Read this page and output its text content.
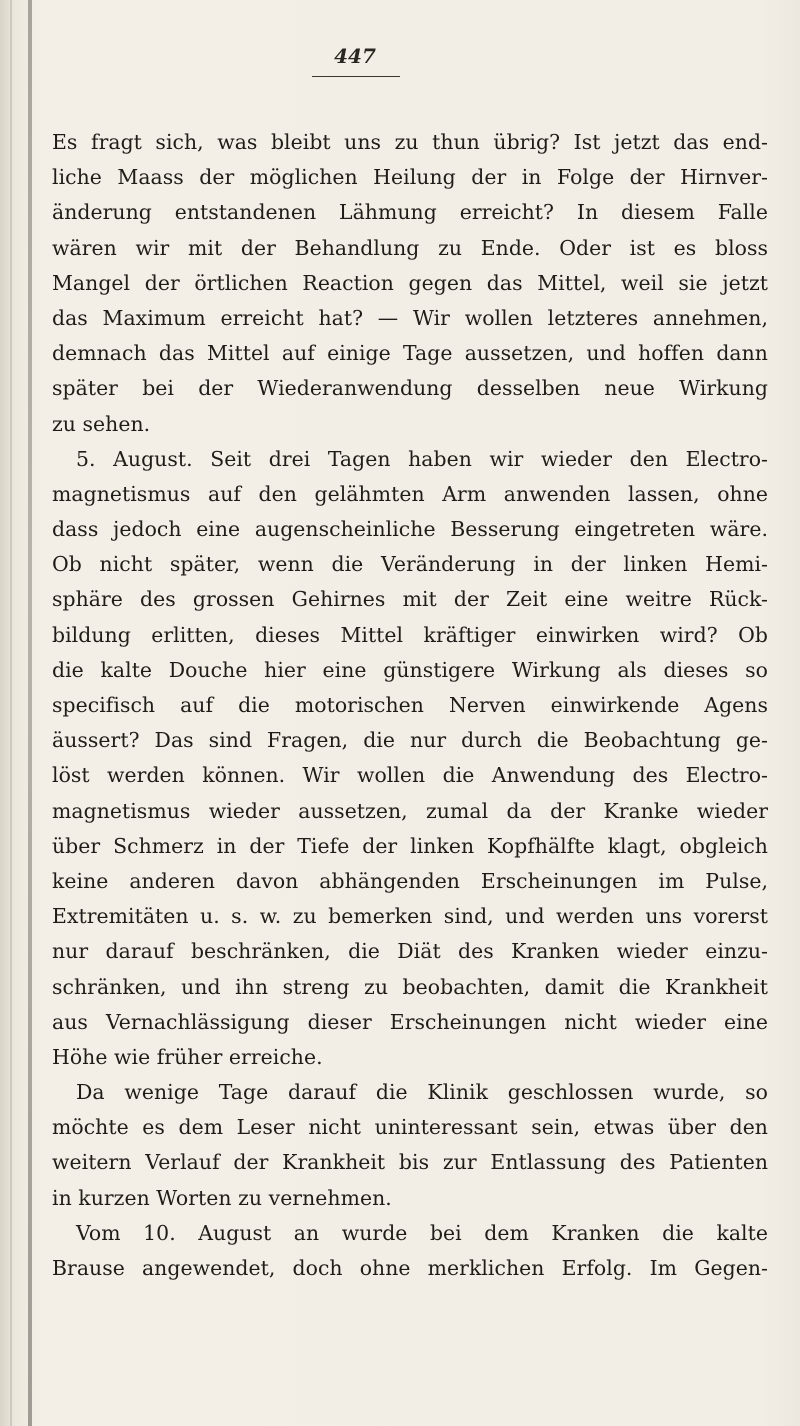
447
Es fragt sich, was bleibt uns zu thun übrig? Ist jetzt das end-
liche Maass der möglichen Heilung der in Folge der Hirnver-
änderung entstandenen Lähmung erreicht? In diesem Falle
wären wir mit der Behandlung zu Ende. Oder ist es bloss
Mangel der örtlichen Reaction gegen das Mittel, weil sie jetzt
das Maximum erreicht hat? — Wir wollen letzteres annehmen,
demnach das Mittel auf einige Tage aussetzen, und hoffen dann
später bei der Wiederanwendung desselben neue Wirkung
zu sehen.
5. August. Seit drei Tagen haben wir wieder den Electro-
magnetismus auf den gelähmten Arm anwenden lassen, ohne
dass jedoch eine augenscheinliche Besserung eingetreten wäre.
Ob nicht später, wenn die Veränderung in der linken Hemi-
sphäre des grossen Gehirnes mit der Zeit eine weitre Rück-
bildung erlitten, dieses Mittel kräftiger einwirken wird? Ob
die kalte Douche hier eine günstigere Wirkung als dieses so
specifisch auf die motorischen Nerven einwirkende Agens
äussert? Das sind Fragen, die nur durch die Beobachtung ge-
löst werden können. Wir wollen die Anwendung des Electro-
magnetismus wieder aussetzen, zumal da der Kranke wieder
über Schmerz in der Tiefe der linken Kopfhälfte klagt, obgleich
keine anderen davon abhängenden Erscheinungen im Pulse,
Extremitäten u. s. w. zu bemerken sind, und werden uns vorerst
nur darauf beschränken, die Diät des Kranken wieder einzu-
schränken, und ihn streng zu beobachten, damit die Krankheit
aus Vernachlässigung dieser Erscheinungen nicht wieder eine
Höhe wie früher erreiche.
Da wenige Tage darauf die Klinik geschlossen wurde, so
möchte es dem Leser nicht uninteressant sein, etwas über den
weitern Verlauf der Krankheit bis zur Entlassung des Patienten
in kurzen Worten zu vernehmen.
Vom 10. August an wurde bei dem Kranken die kalte
Brause angewendet, doch ohne merklichen Erfolg. Im Gegen-
